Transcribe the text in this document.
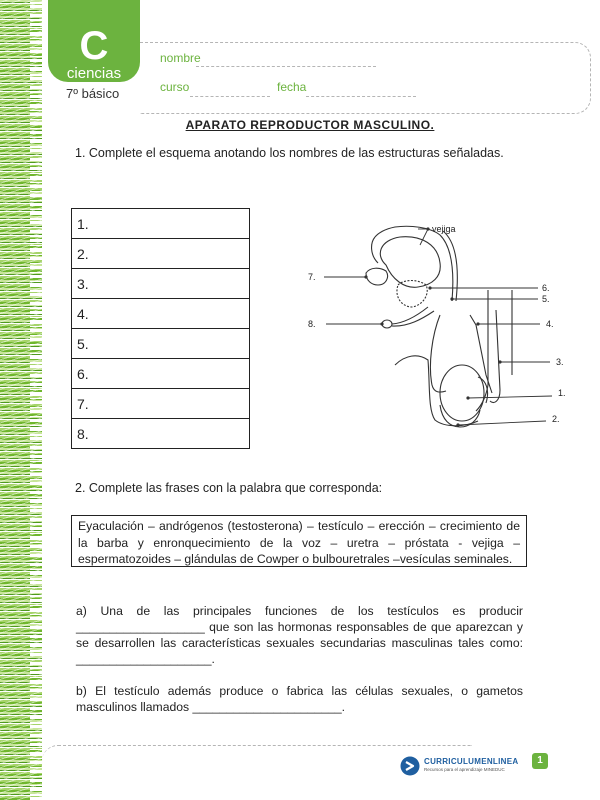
C
ciencias
7º básico
nombre
curso	fecha
APARATO REPRODUCTOR MASCULINO.
1. Complete el esquema anotando los nombres de las estructuras señaladas.
1.
2.
3.
4.
5.
6.
7.
8.
vejiga
7.
6.
5.
8.	4.
3.
1.
2.
2. Complete las frases con la palabra que corresponda:
Eyaculación – andrógenos (testosterona) – testículo – erección – crecimiento de la barba y enronquecimiento de la voz – uretra – próstata - vejiga – espermatozoides – glándulas de Cowper o bulbouretrales –vesículas seminales.
a) Una de las principales funciones de los testículos es producir ___________________ que son las hormonas responsables de que aparezcan y se desarrollen las características sexuales secundarias masculinas tales como: ____________________.
b) El testículo además produce o fabrica las células sexuales, o gametos masculinos llamados ______________________.
CURRICULUMENLINEA
Recursos para el aprendizaje MINEDUC
1
